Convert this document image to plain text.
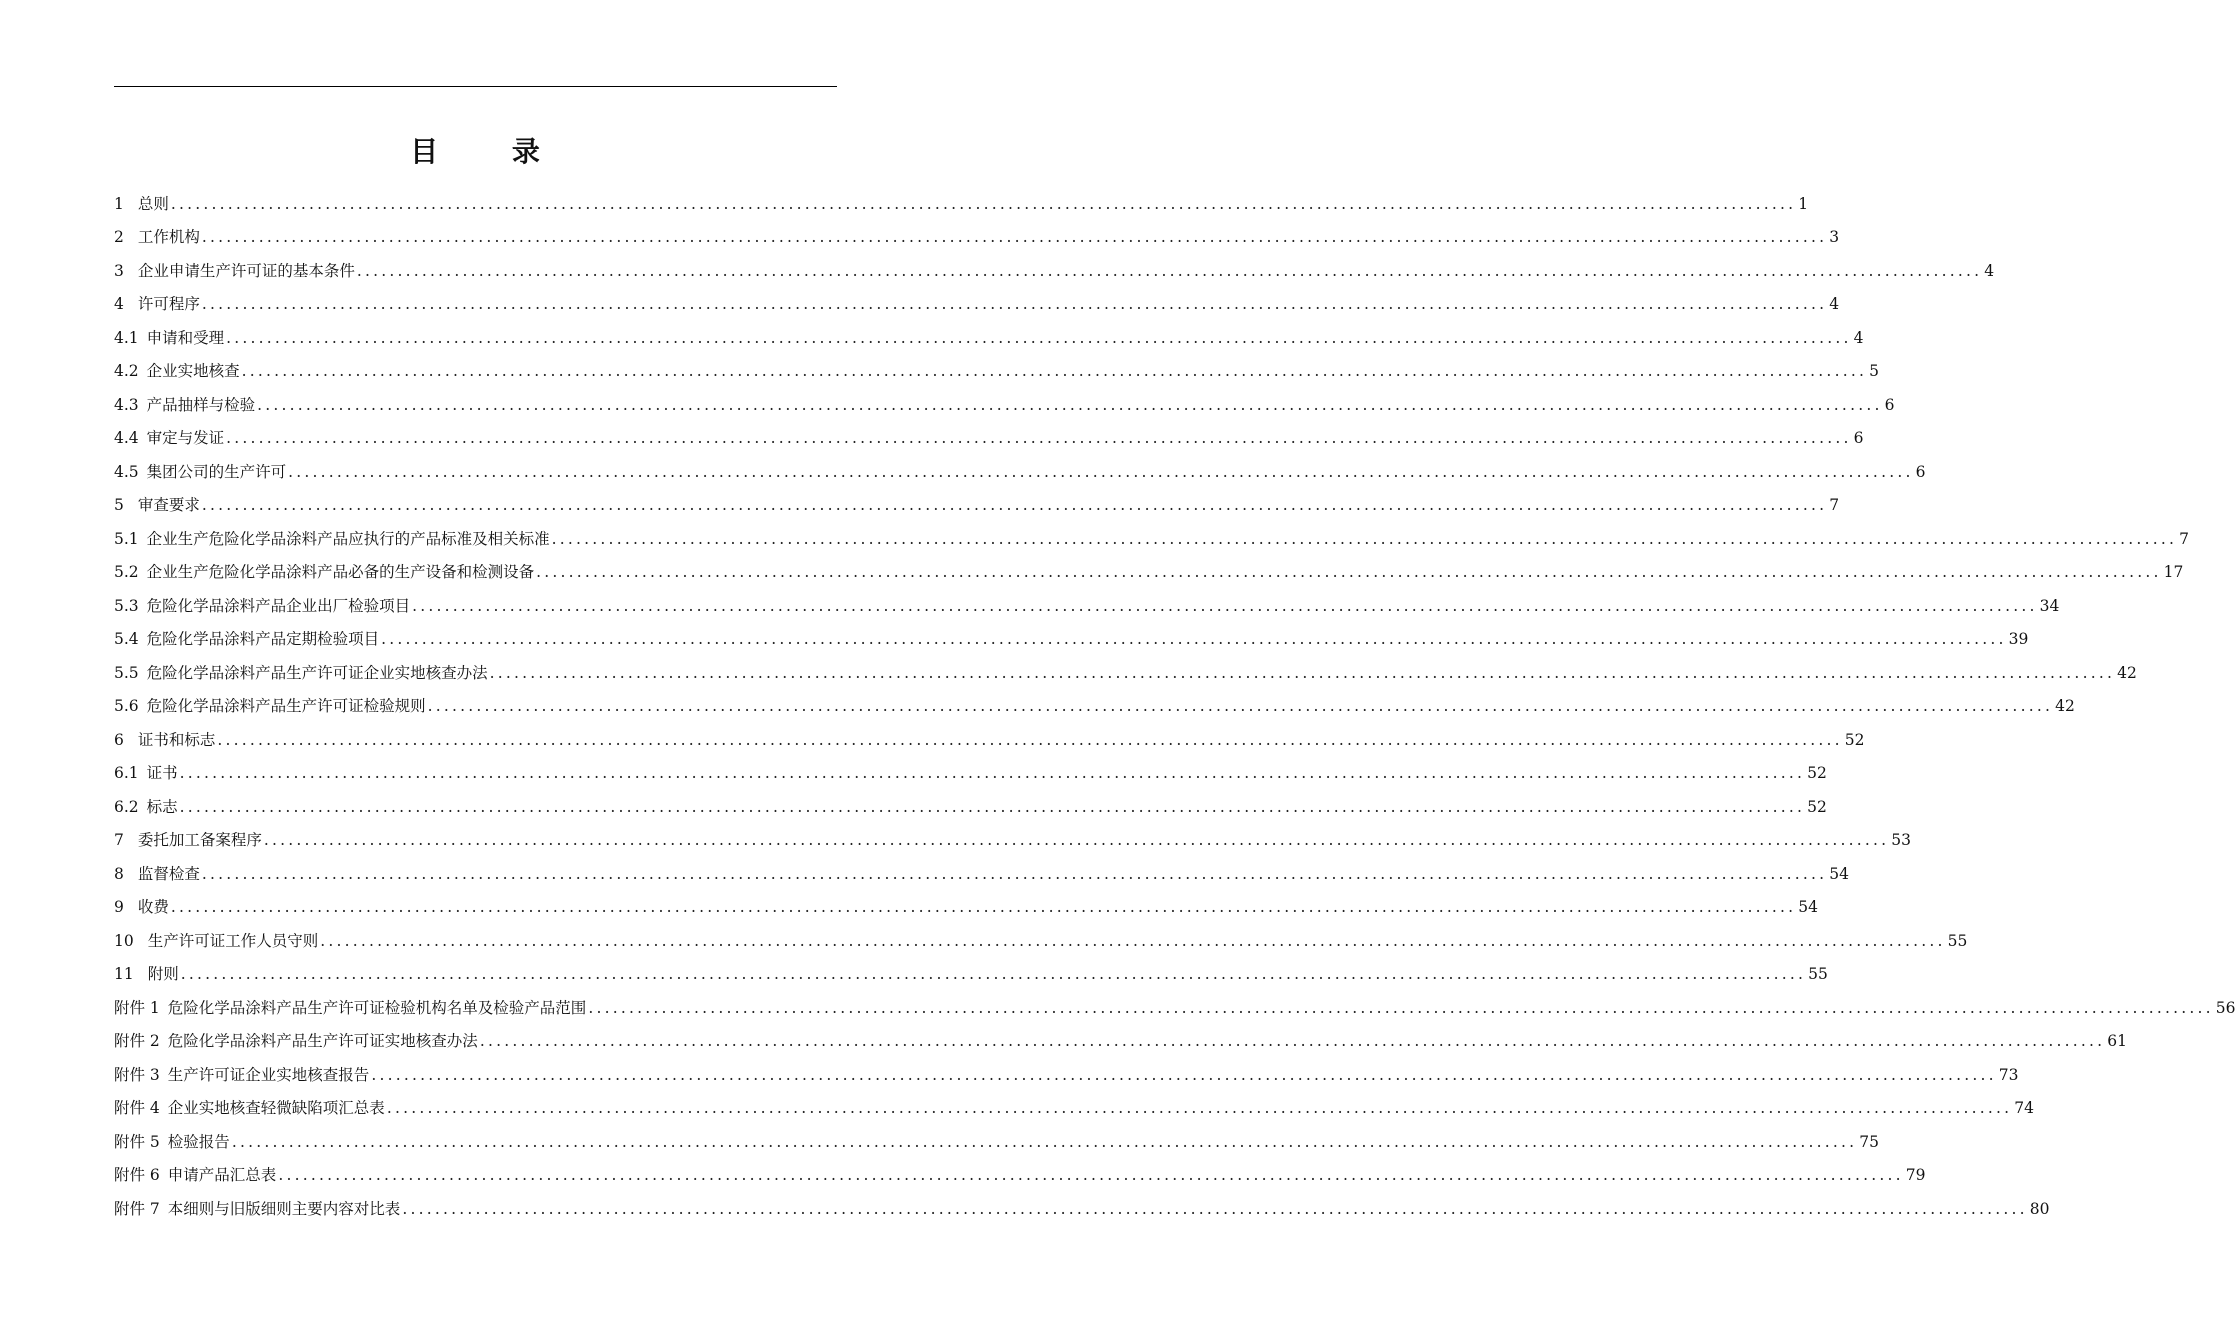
目 录
1 总则 ........................................................................................................................................................................................................ 1
2 工作机构 ........................................................................................................................................................................................................ 3
3 企业申请生产许可证的基本条件 ........................................................................................................................................................................................................ 4
4 许可程序 ........................................................................................................................................................................................................ 4
4.1 申请和受理 ........................................................................................................................................................................................................ 4
4.2 企业实地核查 ........................................................................................................................................................................................................ 5
4.3 产品抽样与检验 ........................................................................................................................................................................................................ 6
4.4 审定与发证 ........................................................................................................................................................................................................ 6
4.5 集团公司的生产许可 ........................................................................................................................................................................................................ 6
5 审查要求 ........................................................................................................................................................................................................ 7
5.1 企业生产危险化学品涂料产品应执行的产品标准及相关标准 ........................................................................................................................................................................................................ 7
5.2 企业生产危险化学品涂料产品必备的生产设备和检测设备 ........................................................................................................................................................................................................ 17
5.3 危险化学品涂料产品企业出厂检验项目 ........................................................................................................................................................................................................ 34
5.4 危险化学品涂料产品定期检验项目 ........................................................................................................................................................................................................ 39
5.5 危险化学品涂料产品生产许可证企业实地核查办法 ........................................................................................................................................................................................................ 42
5.6 危险化学品涂料产品生产许可证检验规则 ........................................................................................................................................................................................................ 42
6 证书和标志 ........................................................................................................................................................................................................ 52
6.1 证书 ........................................................................................................................................................................................................ 52
6.2 标志 ........................................................................................................................................................................................................ 52
7 委托加工备案程序 ........................................................................................................................................................................................................ 53
8 监督检查 ........................................................................................................................................................................................................ 54
9 收费 ........................................................................................................................................................................................................ 54
10 生产许可证工作人员守则 ........................................................................................................................................................................................................ 55
11 附则 ........................................................................................................................................................................................................ 55
附件 1 危险化学品涂料产品生产许可证检验机构名单及检验产品范围 ........................................................................................................................................................................................................ 56
附件 2 危险化学品涂料产品生产许可证实地核查办法 ........................................................................................................................................................................................................ 61
附件 3 生产许可证企业实地核查报告 ........................................................................................................................................................................................................ 73
附件 4 企业实地核查轻微缺陷项汇总表 ........................................................................................................................................................................................................ 74
附件 5 检验报告 ........................................................................................................................................................................................................ 75
附件 6 申请产品汇总表 ........................................................................................................................................................................................................ 79
附件 7 本细则与旧版细则主要内容对比表 ........................................................................................................................................................................................................ 80
